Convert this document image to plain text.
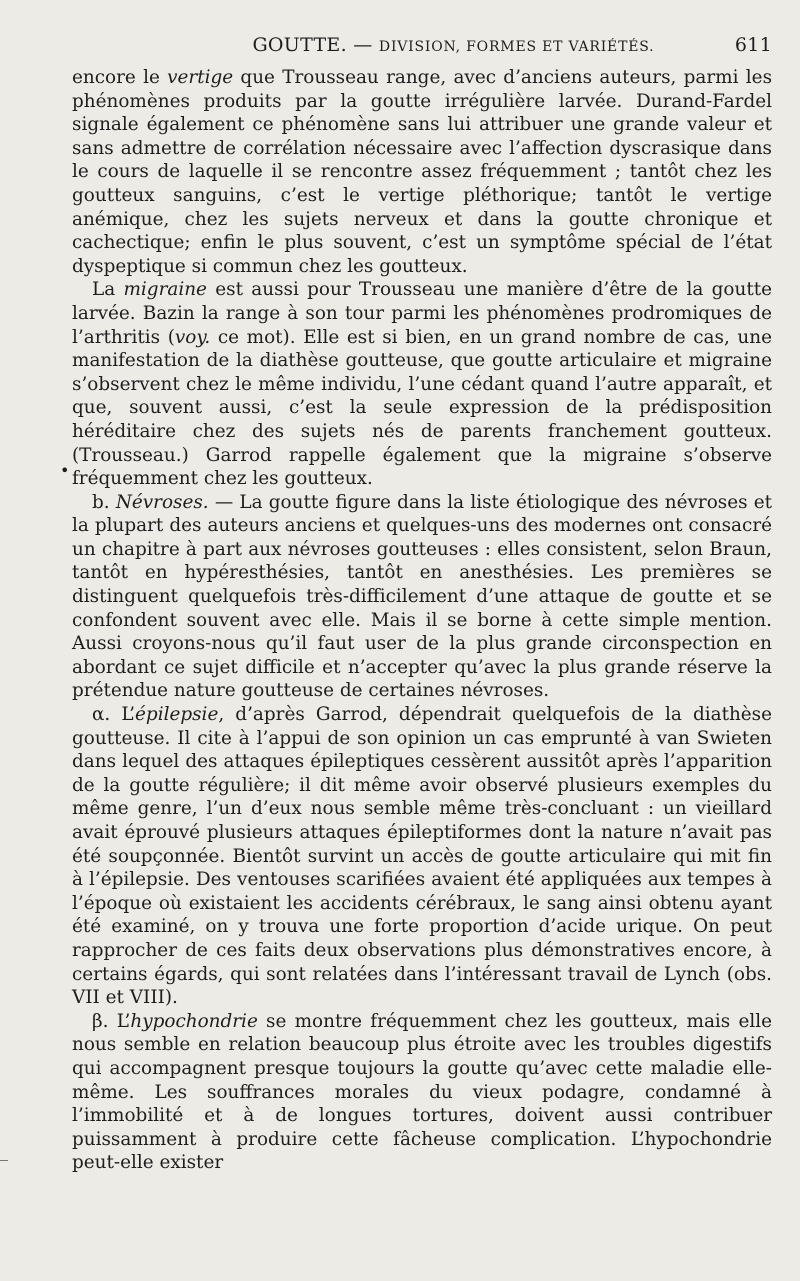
GOUTTE. — DIVISION, FORMES ET VARIÉTÉS.	611

encore le vertige que Trousseau range, avec d’anciens auteurs, parmi les phénomènes produits par la goutte irrégulière larvée. Durand-Fardel signale également ce phénomène sans lui attribuer une grande valeur et sans admettre de corrélation nécessaire avec l’affection dyscrasique dans le cours de laquelle il se rencontre assez fréquemment ; tantôt chez les goutteux sanguins, c’est le vertige pléthorique; tantôt le vertige anémique, chez les sujets nerveux et dans la goutte chronique et cachectique; enfin le plus souvent, c’est un symptôme spécial de l’état dyspeptique si commun chez les goutteux.

La migraine est aussi pour Trousseau une manière d’être de la goutte larvée. Bazin la range à son tour parmi les phénomènes prodromiques de l’arthritis (voy. ce mot). Elle est si bien, en un grand nombre de cas, une manifestation de la diathèse goutteuse, que goutte articulaire et migraine s’observent chez le même individu, l’une cédant quand l’autre apparaît, et que, souvent aussi, c’est la seule expression de la prédisposition héréditaire chez des sujets nés de parents franchement goutteux. (Trousseau.) Garrod rappelle également que la migraine s’observe fréquemment chez les goutteux.

b. Névroses. — La goutte figure dans la liste étiologique des névroses et la plupart des auteurs anciens et quelques-uns des modernes ont consacré un chapitre à part aux névroses goutteuses : elles consistent, selon Braun, tantôt en hypéresthésies, tantôt en anesthésies. Les premières se distinguent quelquefois très-difficilement d’une attaque de goutte et se confondent souvent avec elle. Mais il se borne à cette simple mention. Aussi croyons-nous qu’il faut user de la plus grande circonspection en abordant ce sujet difficile et n’accepter qu’avec la plus grande réserve la prétendue nature goutteuse de certaines névroses.

α. L’épilepsie, d’après Garrod, dépendrait quelquefois de la diathèse goutteuse. Il cite à l’appui de son opinion un cas emprunté à van Swieten dans lequel des attaques épileptiques cessèrent aussitôt après l’apparition de la goutte régulière; il dit même avoir observé plusieurs exemples du même genre, l’un d’eux nous semble même très-concluant : un vieillard avait éprouvé plusieurs attaques épileptiformes dont la nature n’avait pas été soupçonnée. Bientôt survint un accès de goutte articulaire qui mit fin à l’épilepsie. Des ventouses scarifiées avaient été appliquées aux tempes à l’époque où existaient les accidents cérébraux, le sang ainsi obtenu ayant été examiné, on y trouva une forte proportion d’acide urique. On peut rapprocher de ces faits deux observations plus démonstratives encore, à certains égards, qui sont relatées dans l’intéressant travail de Lynch (obs. VII et VIII).

β. L’hypochondrie se montre fréquemment chez les goutteux, mais elle nous semble en relation beaucoup plus étroite avec les troubles digestifs qui accompagnent presque toujours la goutte qu’avec cette maladie elle-même. Les souffrances morales du vieux podagre, condamné à l’immobilité et à de longues tortures, doivent aussi contribuer puissamment à produire cette fâcheuse complication. L’hypochondrie peut-elle exister

•
